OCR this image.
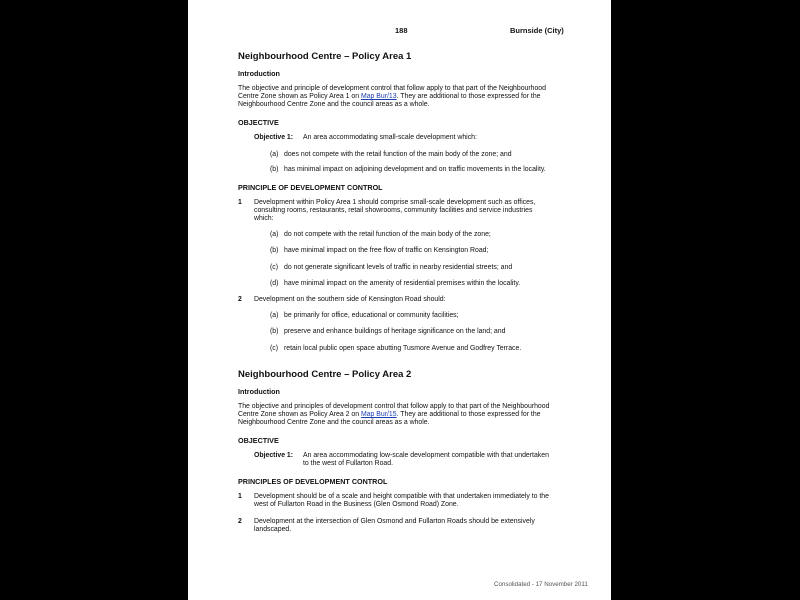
188	Burnside (City)
Neighbourhood Centre – Policy Area 1
Introduction
The objective and principle of development control that follow apply to that part of the Neighbourhood
Centre Zone shown as Policy Area 1 on Map Bur/13. They are additional to those expressed for the
Neighbourhood Centre Zone and the council areas as a whole.
OBJECTIVE
Objective 1: An area accommodating small-scale development which:
(a) does not compete with the retail function of the main body of the zone; and
(b) has minimal impact on adjoining development and on traffic movements in the locality.
PRINCIPLE OF DEVELOPMENT CONTROL
1 Development within Policy Area 1 should comprise small-scale development such as offices,
consulting rooms, restaurants, retail showrooms, community facilities and service industries
which:
(a) do not compete with the retail function of the main body of the zone;
(b) have minimal impact on the free flow of traffic on Kensington Road;
(c) do not generate significant levels of traffic in nearby residential streets; and
(d) have minimal impact on the amenity of residential premises within the locality.
2 Development on the southern side of Kensington Road should:
(a) be primarily for office, educational or community facilities;
(b) preserve and enhance buildings of heritage significance on the land; and
(c) retain local public open space abutting Tusmore Avenue and Godfrey Terrace.
Neighbourhood Centre – Policy Area 2
Introduction
The objective and principles of development control that follow apply to that part of the Neighbourhood
Centre Zone shown as Policy Area 2 on Map Bur/15. They are additional to those expressed for the
Neighbourhood Centre Zone and the council areas as a whole.
OBJECTIVE
Objective 1: An area accommodating low-scale development compatible with that undertaken
to the west of Fullarton Road.
PRINCIPLES OF DEVELOPMENT CONTROL
1 Development should be of a scale and height compatible with that undertaken immediately to the
west of Fullarton Road in the Business (Glen Osmond Road) Zone.
2 Development at the intersection of Glen Osmond and Fullarton Roads should be extensively
landscaped.
Consolidated - 17 November 2011
